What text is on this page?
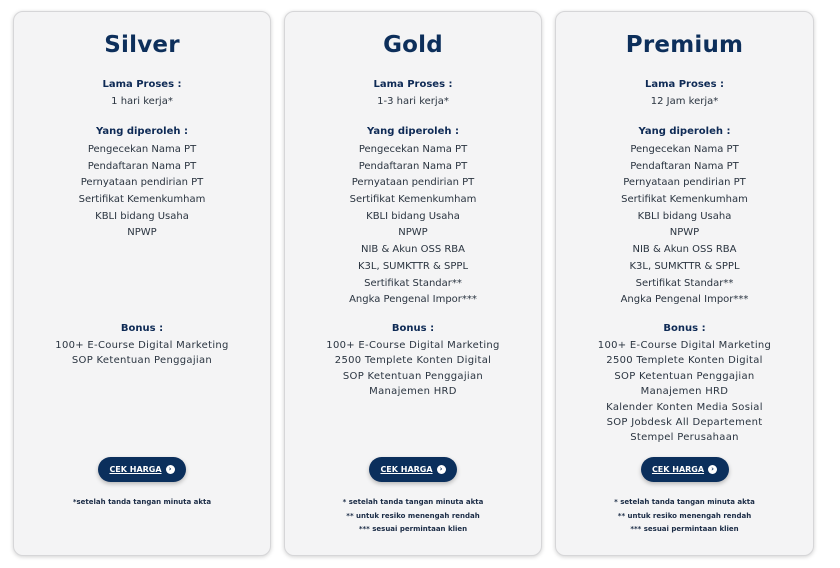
Silver
Lama Proses :
1 hari kerja*
Yang diperoleh :
Pengecekan Nama PT
Pendaftaran Nama PT
Pernyataan pendirian PT
Sertifikat Kemenkumham
KBLI bidang Usaha
NPWP
Bonus :
100+ E-Course Digital Marketing
SOP Ketentuan Penggajian
CEK HARGA	›
*setelah tanda tangan minuta akta
Gold
Lama Proses :
1-3 hari kerja*
Yang diperoleh :
Pengecekan Nama PT
Pendaftaran Nama PT
Pernyataan pendirian PT
Sertifikat Kemenkumham
KBLI bidang Usaha
NPWP
NIB & Akun OSS RBA
K3L, SUMKTTR & SPPL
Sertifikat Standar**
Angka Pengenal Impor***
Bonus :
100+ E-Course Digital Marketing
2500 Templete Konten Digital
SOP Ketentuan Penggajian
Manajemen HRD
CEK HARGA	›
* setelah tanda tangan minuta akta
** untuk resiko menengah rendah
*** sesuai permintaan klien
Premium
Lama Proses :
12 Jam kerja*
Yang diperoleh :
Pengecekan Nama PT
Pendaftaran Nama PT
Pernyataan pendirian PT
Sertifikat Kemenkumham
KBLI bidang Usaha
NPWP
NIB & Akun OSS RBA
K3L, SUMKTTR & SPPL
Sertifikat Standar**
Angka Pengenal Impor***
Bonus :
100+ E-Course Digital Marketing
2500 Templete Konten Digital
SOP Ketentuan Penggajian
Manajemen HRD
Kalender Konten Media Sosial
SOP Jobdesk All Departement
Stempel Perusahaan
CEK HARGA	›
* setelah tanda tangan minuta akta
** untuk resiko menengah rendah
*** sesuai permintaan klien
